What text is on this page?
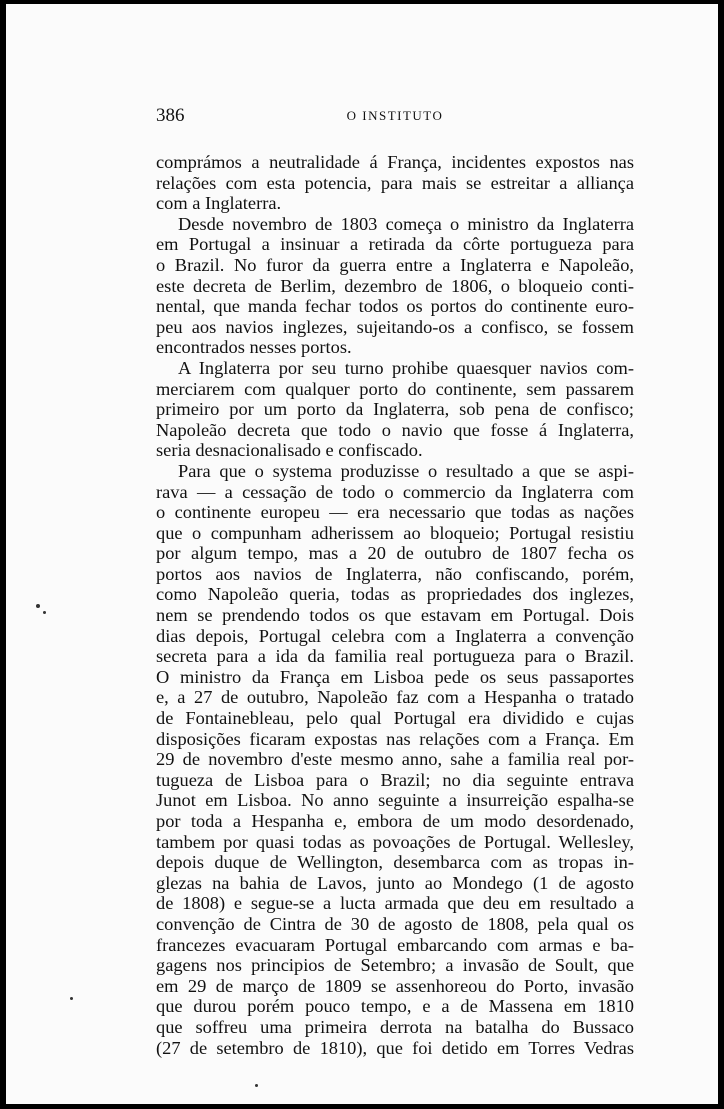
386	O INSTITUTO
comprámos a neutralidade á França, incidentes expostos nas
relações com esta potencia, para mais se estreitar a alliança
com a Inglaterra.
Desde novembro de 1803 começa o ministro da Inglaterra
em Portugal a insinuar a retirada da côrte portugueza para
o Brazil. No furor da guerra entre a Inglaterra e Napoleão,
este decreta de Berlim, dezembro de 1806, o bloqueio conti-
nental, que manda fechar todos os portos do continente euro-
peu aos navios inglezes, sujeitando-os a confisco, se fossem
encontrados nesses portos.
A Inglaterra por seu turno prohibe quaesquer navios com-
merciarem com qualquer porto do continente, sem passarem
primeiro por um porto da Inglaterra, sob pena de confisco;
Napoleão decreta que todo o navio que fosse á Inglaterra,
seria desnacionalisado e confiscado.
Para que o systema produzisse o resultado a que se aspi-
rava — a cessação de todo o commercio da Inglaterra com
o continente europeu — era necessario que todas as nações
que o compunham adherissem ao bloqueio; Portugal resistiu
por algum tempo, mas a 20 de outubro de 1807 fecha os
portos aos navios de Inglaterra, não confiscando, porém,
como Napoleão queria, todas as propriedades dos inglezes,
nem se prendendo todos os que estavam em Portugal. Dois
dias depois, Portugal celebra com a Inglaterra a convenção
secreta para a ida da familia real portugueza para o Brazil.
O ministro da França em Lisboa pede os seus passaportes
e, a 27 de outubro, Napoleão faz com a Hespanha o tratado
de Fontainebleau, pelo qual Portugal era dividido e cujas
disposições ficaram expostas nas relações com a França. Em
29 de novembro d'este mesmo anno, sahe a familia real por-
tugueza de Lisboa para o Brazil; no dia seguinte entrava
Junot em Lisboa. No anno seguinte a insurreição espalha-se
por toda a Hespanha e, embora de um modo desordenado,
tambem por quasi todas as povoações de Portugal. Wellesley,
depois duque de Wellington, desembarca com as tropas in-
glezas na bahia de Lavos, junto ao Mondego (1 de agosto
de 1808) e segue-se a lucta armada que deu em resultado a
convenção de Cintra de 30 de agosto de 1808, pela qual os
francezes evacuaram Portugal embarcando com armas e ba-
gagens nos principios de Setembro; a invasão de Soult, que
em 29 de março de 1809 se assenhoreou do Porto, invasão
que durou porém pouco tempo, e a de Massena em 1810
que soffreu uma primeira derrota na batalha do Bussaco
(27 de setembro de 1810), que foi detido em Torres Vedras
